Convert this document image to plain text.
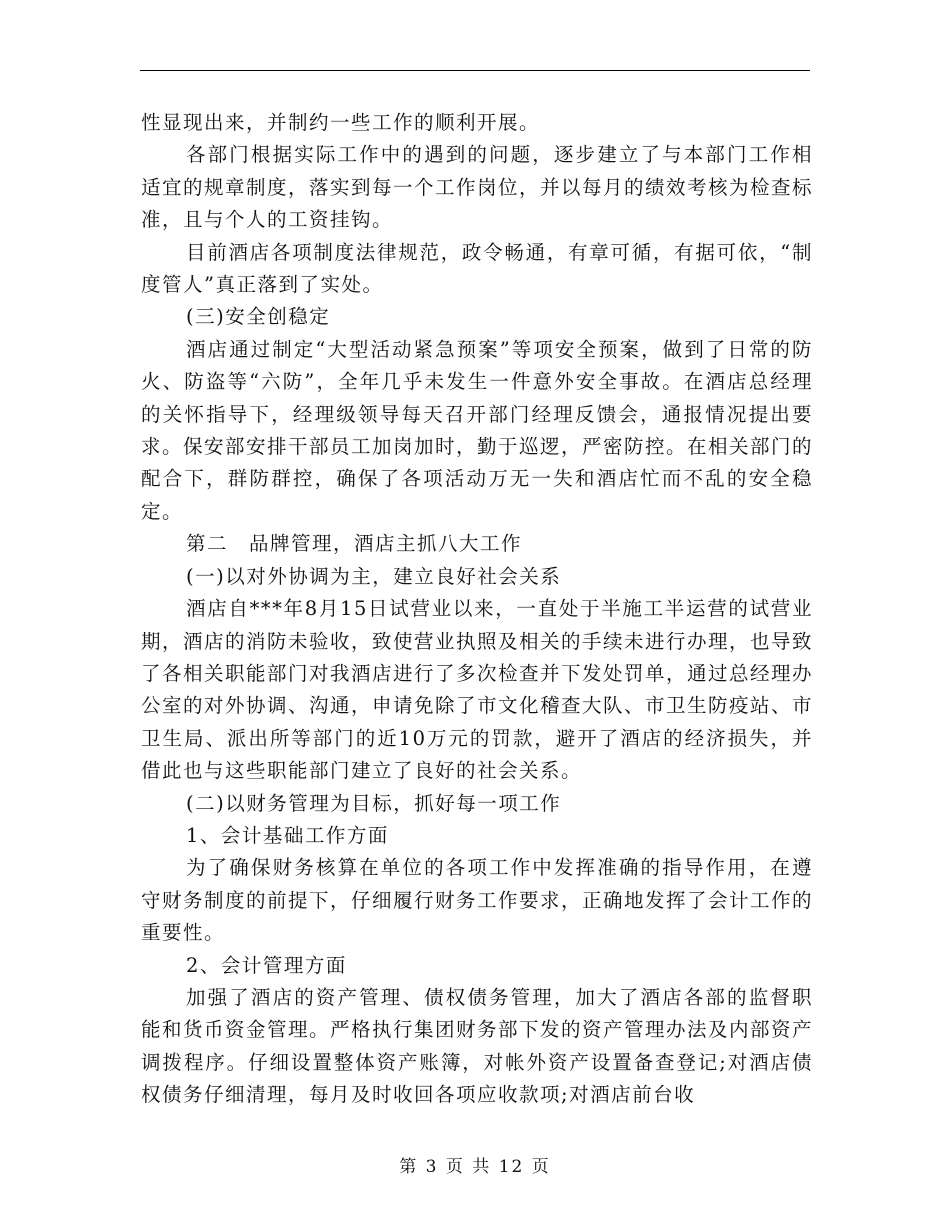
性显现出来，并制约一些工作的顺利开展。

各部门根据实际工作中的遇到的问题，逐步建立了与本部门工作相适宜的规章制度，落实到每一个工作岗位，并以每月的绩效考核为检查标准，且与个人的工资挂钩。

目前酒店各项制度法律规范，政令畅通，有章可循，有据可依，“制度管人”真正落到了实处。

(三)安全创稳定

酒店通过制定“大型活动紧急预案”等项安全预案，做到了日常的防火、防盗等“六防”，全年几乎未发生一件意外安全事故。在酒店总经理的关怀指导下，经理级领导每天召开部门经理反馈会，通报情况提出要求。保安部安排干部员工加岗加时，勤于巡逻，严密防控。在相关部门的配合下，群防群控，确保了各项活动万无一失和酒店忙而不乱的安全稳定。

第二　品牌管理，酒店主抓八大工作

(一)以对外协调为主，建立良好社会关系

酒店自***年8月15日试营业以来，一直处于半施工半运营的试营业期，酒店的消防未验收，致使营业执照及相关的手续未进行办理，也导致了各相关职能部门对我酒店进行了多次检查并下发处罚单，通过总经理办公室的对外协调、沟通，申请免除了市文化稽查大队、市卫生防疫站、市卫生局、派出所等部门的近10万元的罚款，避开了酒店的经济损失，并借此也与这些职能部门建立了良好的社会关系。

(二)以财务管理为目标，抓好每一项工作

1、会计基础工作方面

为了确保财务核算在单位的各项工作中发挥准确的指导作用，在遵守财务制度的前提下，仔细履行财务工作要求，正确地发挥了会计工作的重要性。

2、会计管理方面

加强了酒店的资产管理、债权债务管理，加大了酒店各部的监督职能和货币资金管理。严格执行集团财务部下发的资产管理办法及内部资产调拨程序。仔细设置整体资产账簿，对帐外资产设置备查登记;对酒店债权债务仔细清理，每月及时收回各项应收款项;对酒店前台收

第 3 页 共 12 页
